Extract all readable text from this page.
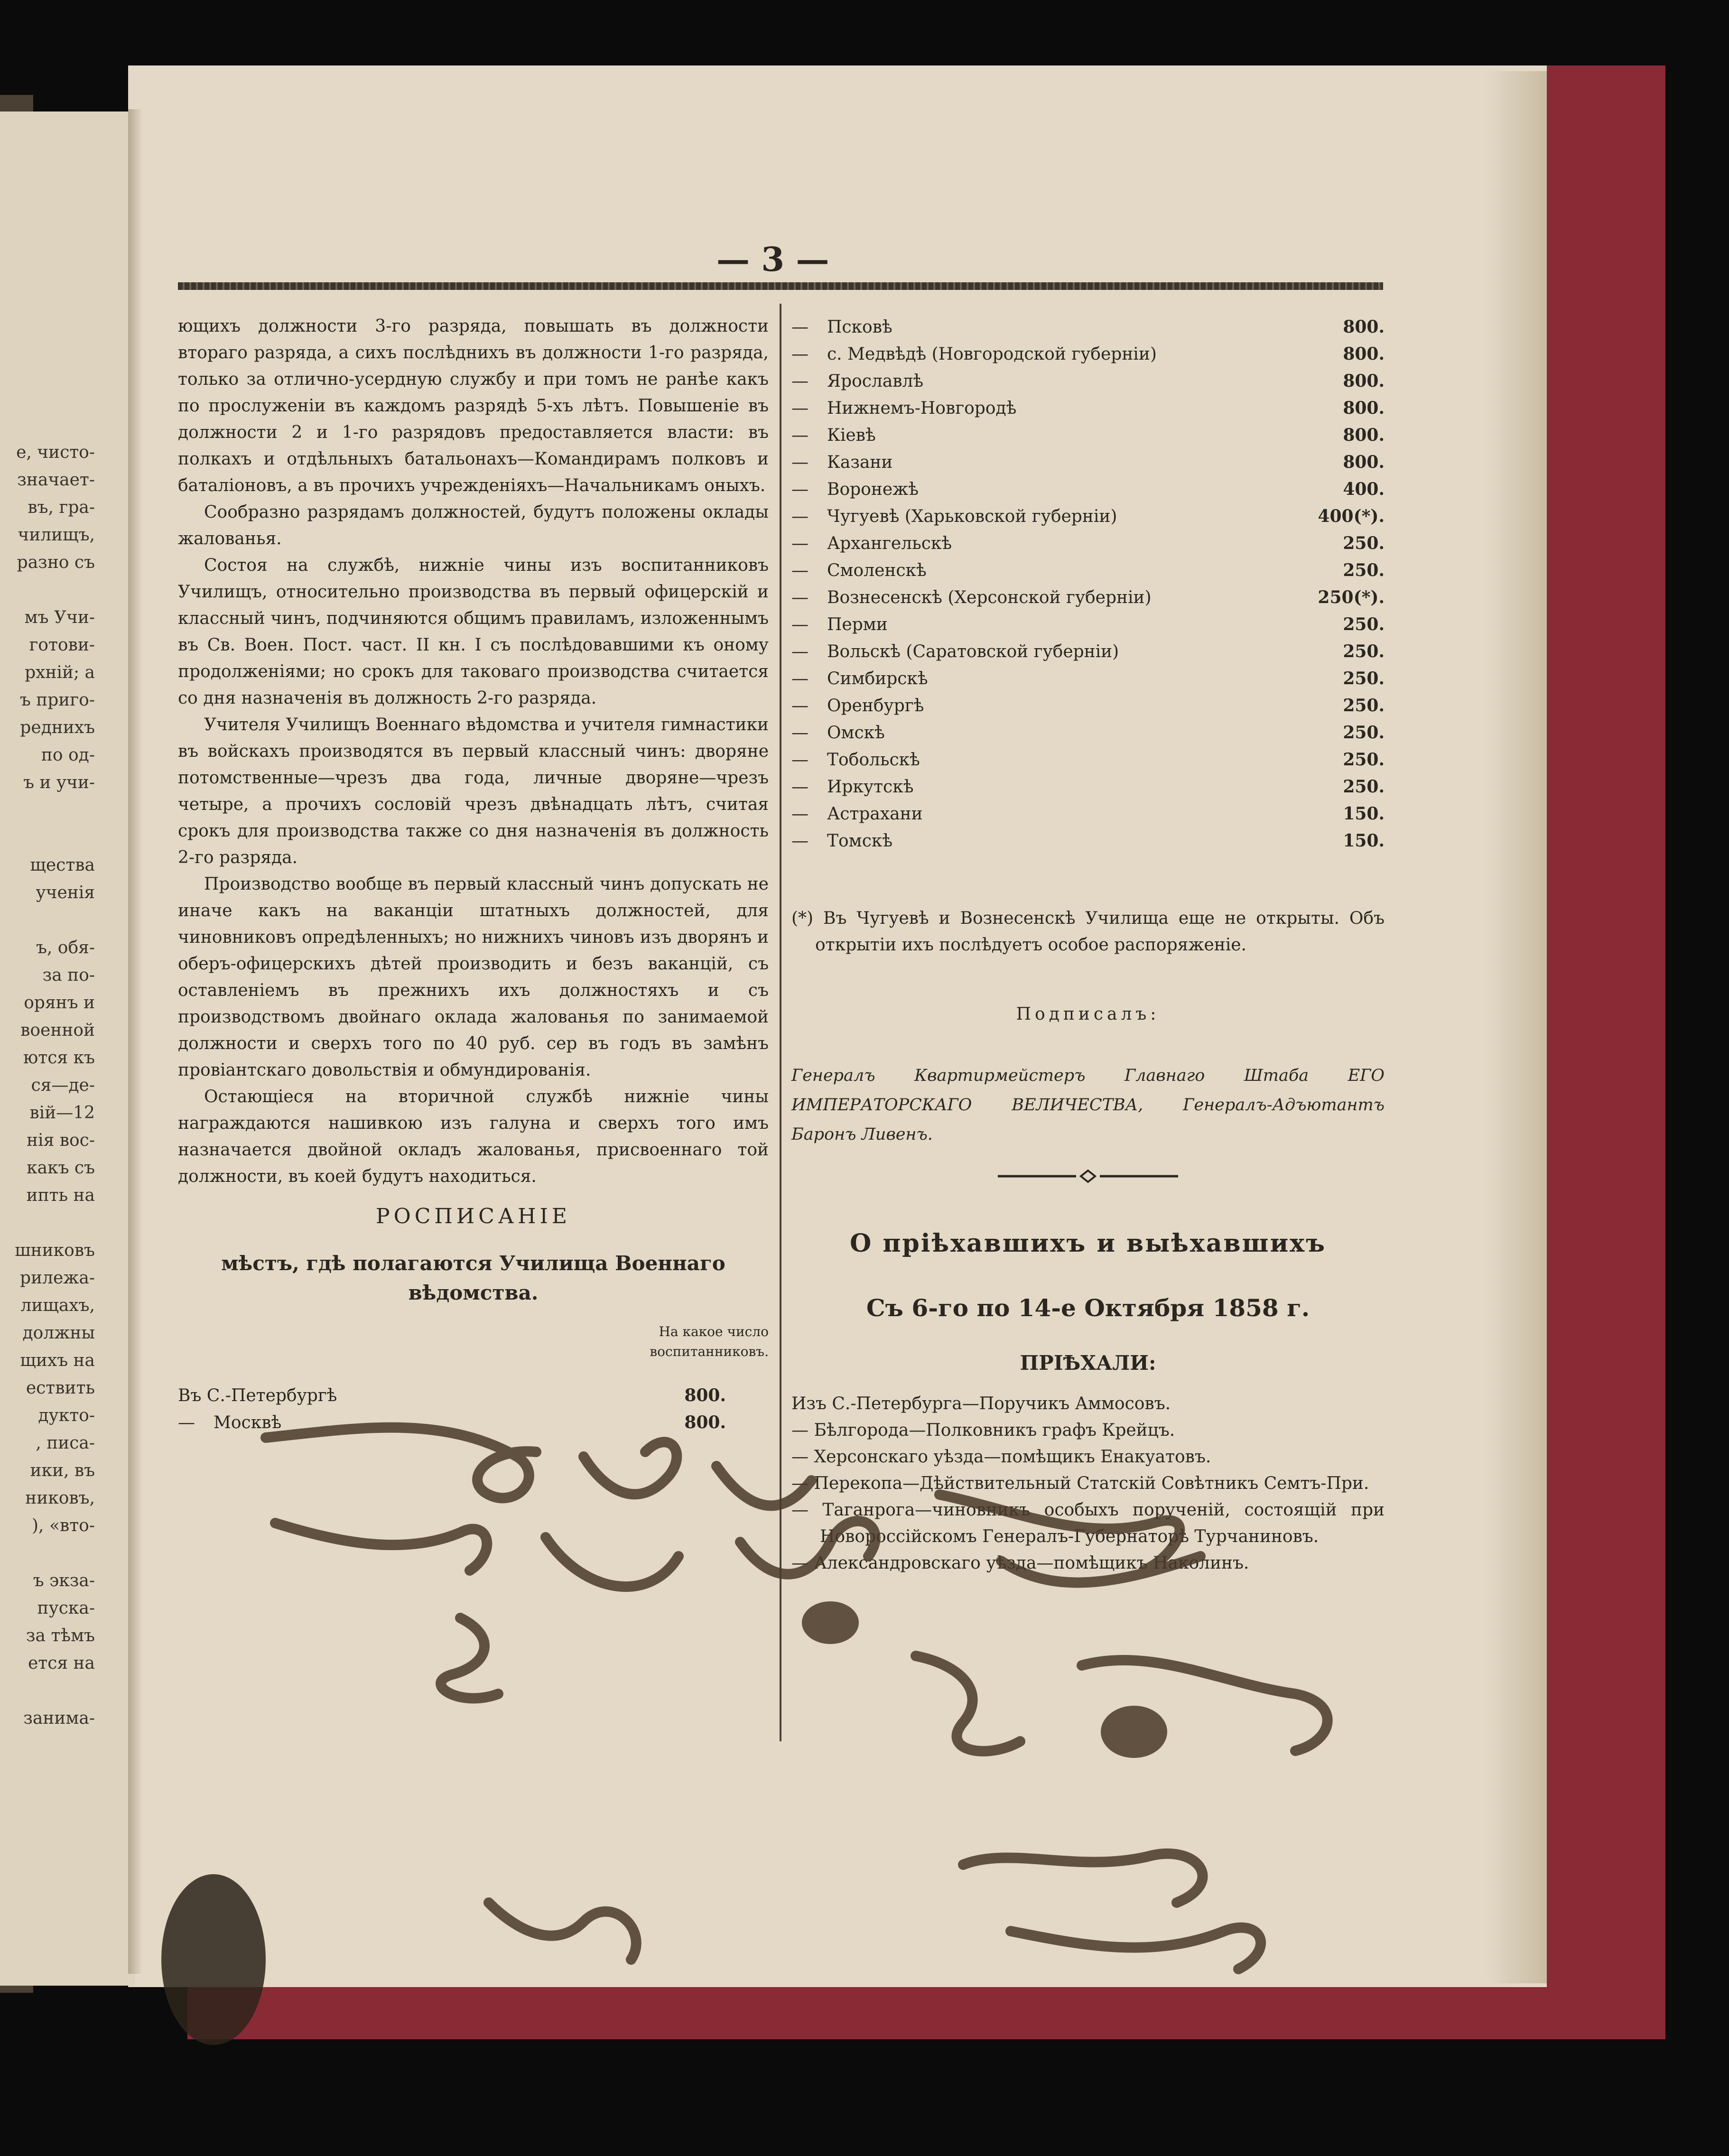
е, чисто-
значает-
въ, гра-
чилищъ,
разно съ
мъ Учи-
готови-
рхнiй; а
ъ приго-
реднихъ
по од-
ъ и учи-
щества
ученiя
ъ, обя-
за по-
орянъ и
военной
ются къ
ся—де-
вiй—12
нiя вос-
какъ съ
ипть на
шниковъ
рилежа-
лищахъ,
должны
щихъ на
ествить
дукто-
, писа-
ики, въ
никовъ,
), «вто-
ъ экза-
пуска-
за тѣмъ
ется на
занима-
— 3 —

ющихъ должности 3-го разряда, повышать въ должности втораго разряда, а сихъ послѣднихъ въ должности 1-го разряда, только за отлично-усердную службу и при томъ не ранѣе какъ по прослуженiи въ каждомъ разрядѣ 5-хъ лѣтъ. Повышенiе въ должности 2 и 1-го разрядовъ предоставляется власти: въ полкахъ и отдѣльныхъ батальонахъ—Командирамъ полковъ и баталiоновъ, а въ прочихъ учрежденiяхъ—Начальникамъ оныхъ.

Сообразно разрядамъ должностей, будутъ положены оклады жалованья.

Состоя на службѣ, нижнiе чины изъ воспитанниковъ Училищъ, относительно производства въ первый офицерскiй и классный чинъ, подчиняются общимъ правиламъ, изложеннымъ въ Св. Воен. Пост. част. II кн. I съ послѣдовавшими къ оному продолженiями; но срокъ для таковаго производства считается со дня назначенiя въ должность 2-го разряда.

Учителя Училищъ Военнаго вѣдомства и учителя гимнастики въ войскахъ производятся въ первый классный чинъ: дворяне потомственные—чрезъ два года, личные дворяне—чрезъ четыре, а прочихъ сословiй чрезъ двѣнадцать лѣтъ, считая срокъ для производства также со дня назначенiя въ должность 2-го разряда.

Производство вообще въ первый классный чинъ допускать не иначе какъ на ваканцiи штатныхъ должностей, для чиновниковъ опредѣленныхъ; но нижнихъ чиновъ изъ дворянъ и оберъ-офицерскихъ дѣтей производить и безъ ваканцiй, съ оставленiемъ въ прежнихъ ихъ должностяхъ и съ производствомъ двойнаго оклада жалованья по занимаемой должности и сверхъ того по 40 руб. сер въ годъ въ замѣнъ провiантскаго довольствiя и обмундированiя.

Остающiеся на вторичной службѣ нижнiе чины награждаются нашивкою изъ галуна и сверхъ того имъ назначается двойной окладъ жалованья, присвоеннаго той должности, въ коей будутъ находиться.

РОСПИСАНIЕ

мѣстъ, гдѣ полагаются Училища Военнаго вѣдомства.

На какое число воспитанниковъ.

Въ С.-Петербургѣ	800.
—	Москвѣ	800.
—	Псковѣ	800.
—	с. Медвѣдѣ (Новгородской губернiи)	800.
—	Ярославлѣ	800.
—	Нижнемъ-Новгородѣ	800.
—	Кiевѣ	800.
—	Казани	800.
—	Воронежѣ	400.
—	Чугуевѣ (Харьковской губернiи)	400(*).
—	Архангельскѣ	250.
—	Смоленскѣ	250.
—	Вознесенскѣ (Херсонской губернiи)	250(*).
—	Перми	250.
—	Вольскѣ (Саратовской губернiи)	250.
—	Симбирскѣ	250.
—	Оренбургѣ	250.
—	Омскѣ	250.
—	Тобольскѣ	250.
—	Иркутскѣ	250.
—	Астрахани	150.
—	Томскѣ	150.

(*) Въ Чугуевѣ и Вознесенскѣ Училища еще не открыты. Объ открытiи ихъ послѣдуетъ особое распоряженiе.

Подписалъ:

Генералъ Квартирмейстеръ Главнаго Штаба ЕГО ИМПЕРАТОРСКАГО ВЕЛИЧЕСТВА, Генералъ-Адъютантъ Баронъ Ливенъ.

О прiѣхавшихъ и выѣхавшихъ

Съ 6-го по 14-е Октября 1858 г.

ПРIѢХАЛИ:

Изъ С.-Петербурга—Поручикъ Аммосовъ.

— Бѣлгорода—Полковникъ графъ Крейцъ.

— Херсонскаго уѣзда—помѣщикъ Енакуатовъ.

— Перекопа—Дѣйствительный Статскiй Совѣтникъ Семтъ-При.

— Таганрога—чиновникъ особыхъ порученiй, состоящiй при Новороссiйскомъ Генералъ-Губернаторѣ Турчаниновъ.

— Александровскаго уѣзда—помѣщикъ Наколинъ.
